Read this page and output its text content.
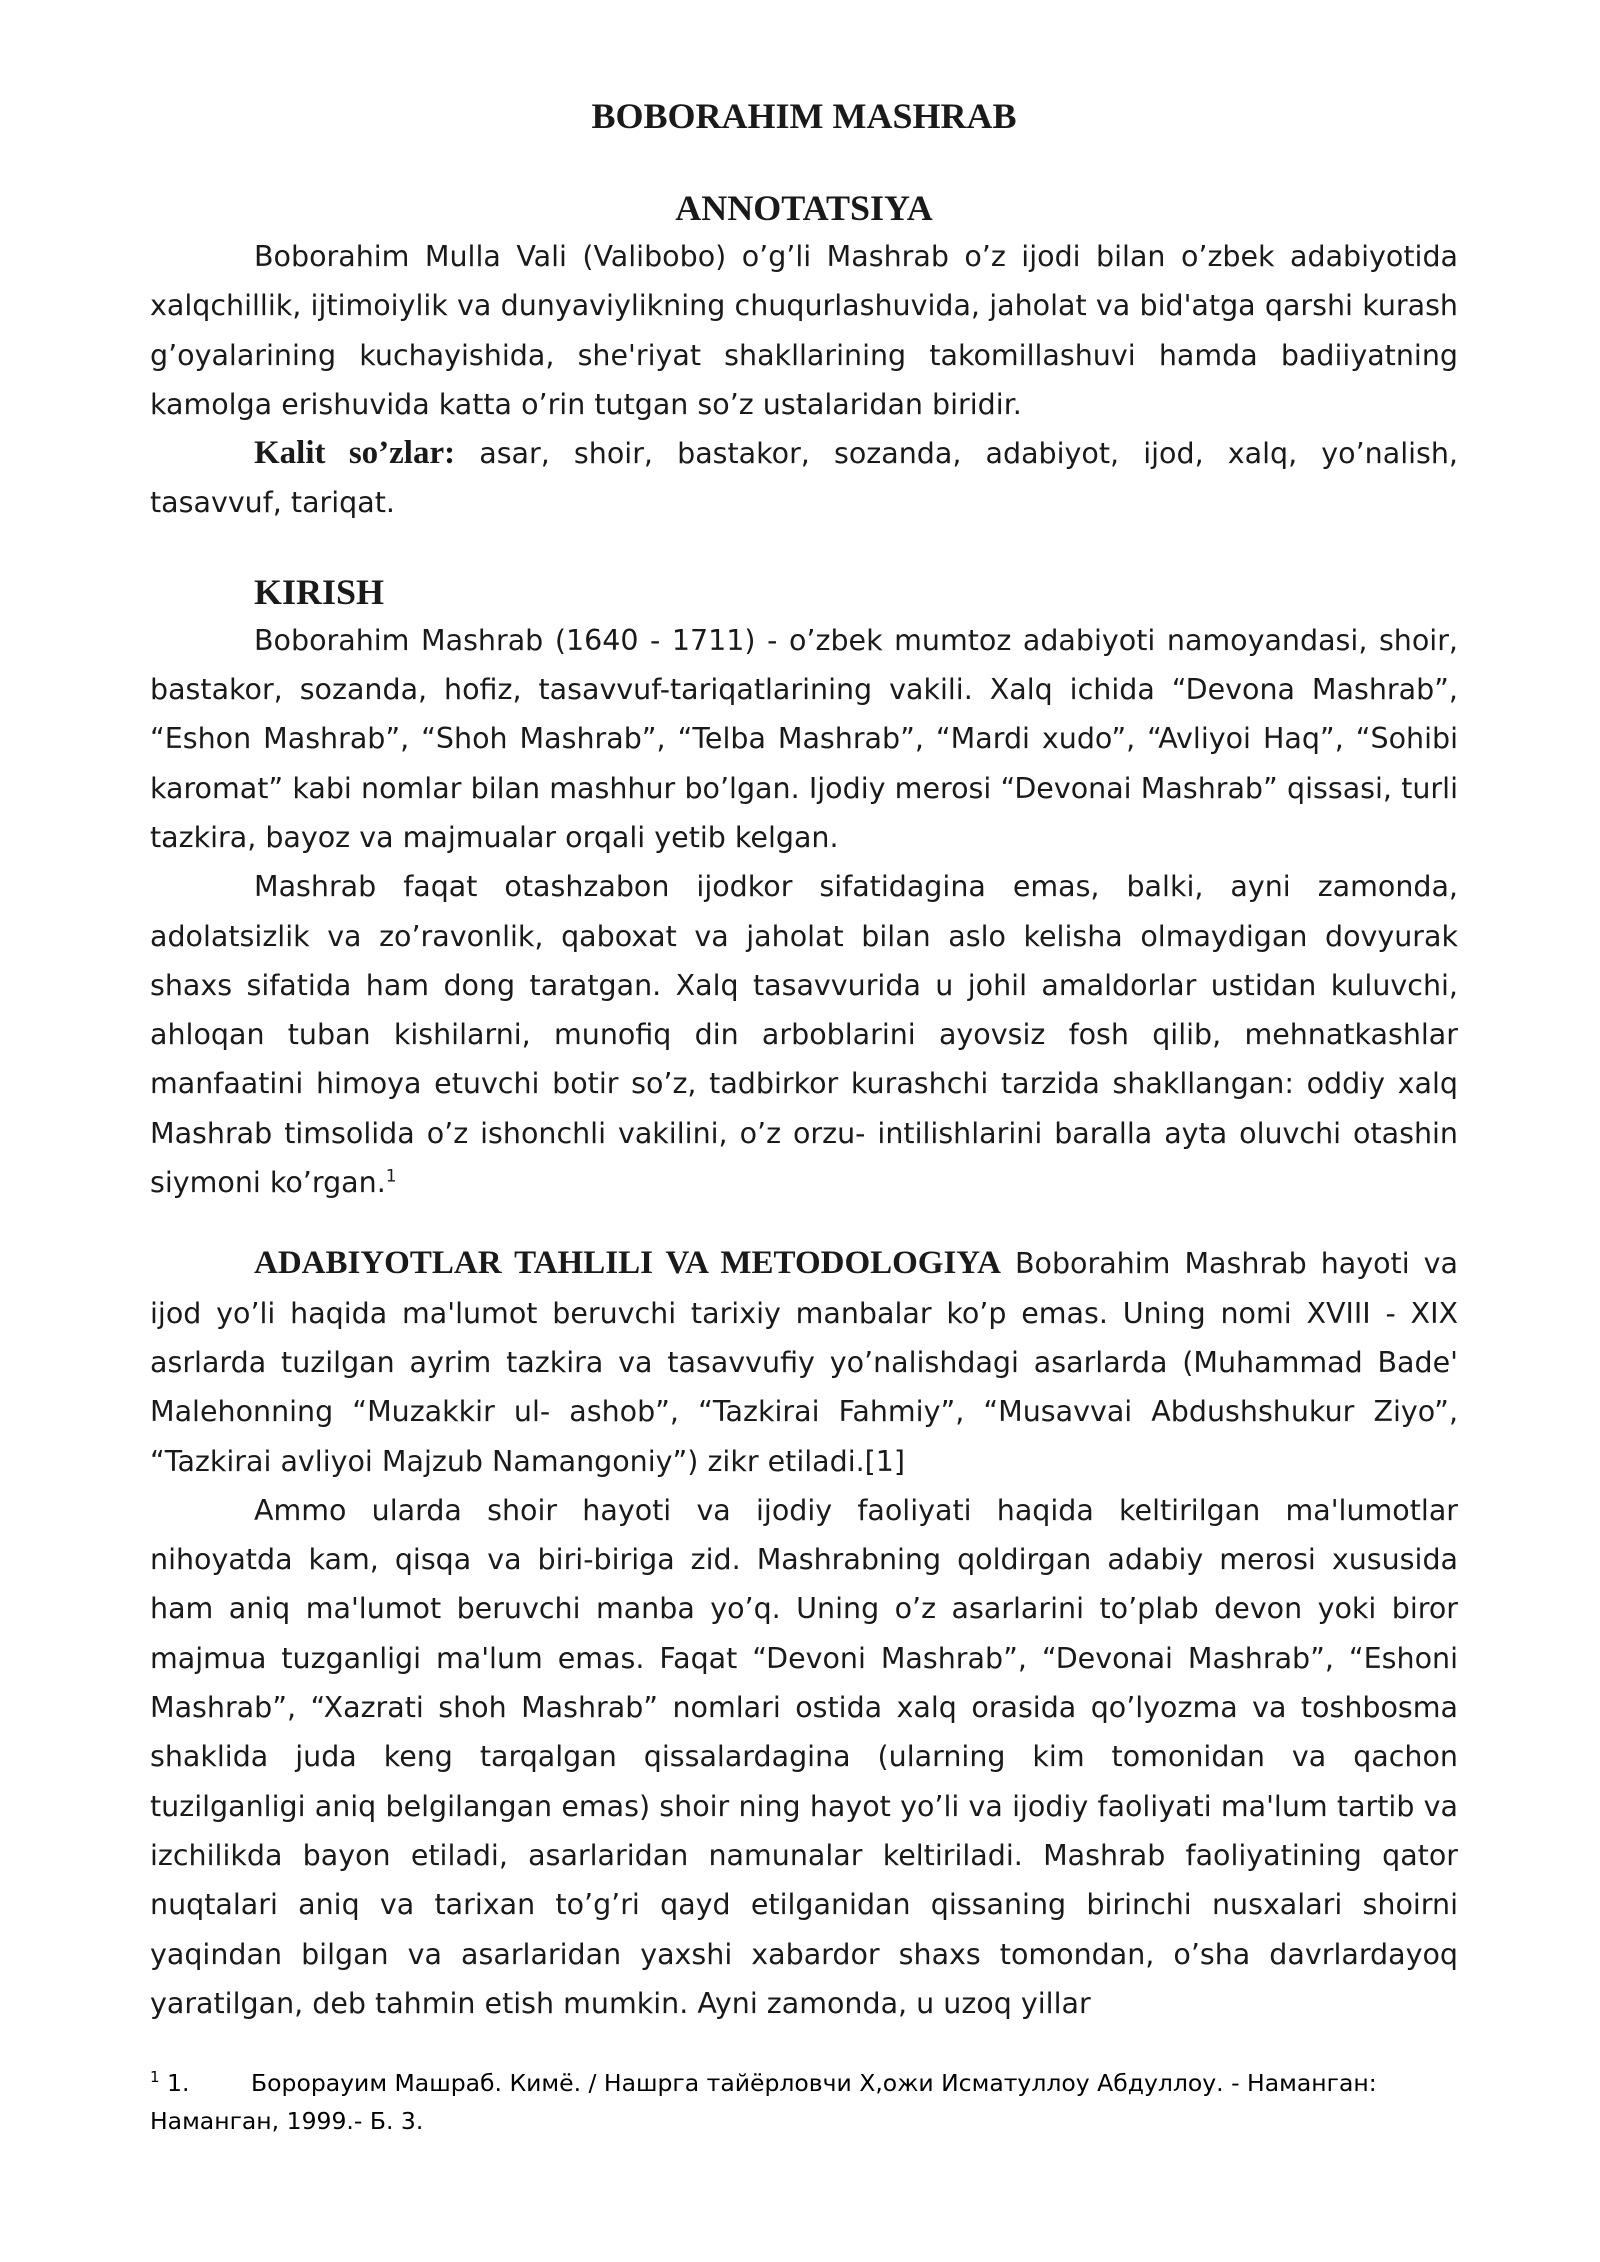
BOBORAHIM MASHRAB
ANNOTATSIYA

Boborahim Mulla Vali (Valibobo) o’g’li Mashrab o’z ijodi bilan o’zbek adabiyotida xalqchillik, ijtimoiylik va dunyaviylikning chuqurlashuvida, jaholat va bid'atga qarshi kurash g’oyalarining kuchayishida, she'riyat shakllarining takomillashuvi hamda badiiyatning kamolga erishuvida katta o’rin tutgan so’z ustalaridan biridir.

Kalit so’zlar: asar, shoir, bastakor, sozanda, adabiyot, ijod, xalq, yo’nalish, tasavvuf, tariqat.

KIRISH

Boborahim Mashrab (1640 - 1711) - o’zbek mumtoz adabiyoti namoyandasi, shoir, bastakor, sozanda, hofiz, tasavvuf-tariqatlarining vakili. Xalq ichida “Devona Mashrab”, “Eshon Mashrab”, “Shoh Mashrab”, “Telba Mashrab”, “Mardi xudo”, “Avliyoi Haq”, “Sohibi karomat” kabi nomlar bilan mashhur bo’lgan. Ijodiy merosi “Devonai Mashrab” qissasi, turli tazkira, bayoz va majmualar orqali yetib kelgan.

Mashrab faqat otashzabon ijodkor sifatidagina emas, balki, ayni zamonda, adolatsizlik va zo’ravonlik, qaboxat va jaholat bilan aslo kelisha olmaydigan dovyurak shaxs sifatida ham dong taratgan. Xalq tasavvurida u johil amaldorlar ustidan kuluvchi, ahloqan tuban kishilarni, munofiq din arboblarini ayovsiz fosh qilib, mehnatkashlar manfaatini himoya etuvchi botir so’z, tadbirkor kurashchi tarzida shakllangan: oddiy xalq Mashrab timsolida o’z ishonchli vakilini, o’z orzu- intilishlarini baralla ayta oluvchi otashin siymoni ko’rgan.$^1$

ADABIYOTLAR TAHLILI VA METODOLOGIYA Boborahim Mashrab hayoti va ijod yo’li haqida ma'lumot beruvchi tarixiy manbalar ko’p emas. Uning nomi XVIII - XIX asrlarda tuzilgan ayrim tazkira va tasavvufiy yo’nalishdagi asarlarda (Muhammad Bade' Malehonning “Muzakkir ul- ashob”, “Tazkirai Fahmiy”, “Musavvai Abdushshukur Ziyo”, “Tazkirai avliyoi Majzub Namangoniy”) zikr etiladi.[1]

Ammo ularda shoir hayoti va ijodiy faoliyati haqida keltirilgan ma'lumotlar nihoyatda kam, qisqa va biri-biriga zid. Mashrabning qoldirgan adabiy merosi xususida ham aniq ma'lumot beruvchi manba yo’q. Uning o’z asarlarini to’plab devon yoki biror majmua tuzganligi ma'lum emas. Faqat “Devoni Mashrab”, “Devonai Mashrab”, “Eshoni Mashrab”, “Xazrati shoh Mashrab” nomlari ostida xalq orasida qo’lyozma va toshbosma shaklida juda keng tarqalgan qissalardagina (ularning kim tomonidan va qachon tuzilganligi aniq belgilangan emas) shoir ning hayot yo’li va ijodiy faoliyati ma'lum tartib va izchilikda bayon etiladi, asarlaridan namunalar keltiriladi. Mashrab faoliyatining qator nuqtalari aniq va tarixan to’g’ri qayd etilganidan qissaning birinchi nusxalari shoirni yaqindan bilgan va asarlaridan yaxshi xabardor shaxs tomondan, o’sha davrlardayoq yaratilgan, deb tahmin etish mumkin. Ayni zamonda, u uzoq yillar

$^1$ 1.	Борорауим Машраб. Кимё. / Нашрга тайёрловчи Х,ожи Исматуллоу Абдуллоу. - Наманган: Наманган, 1999.- Б. 3.
